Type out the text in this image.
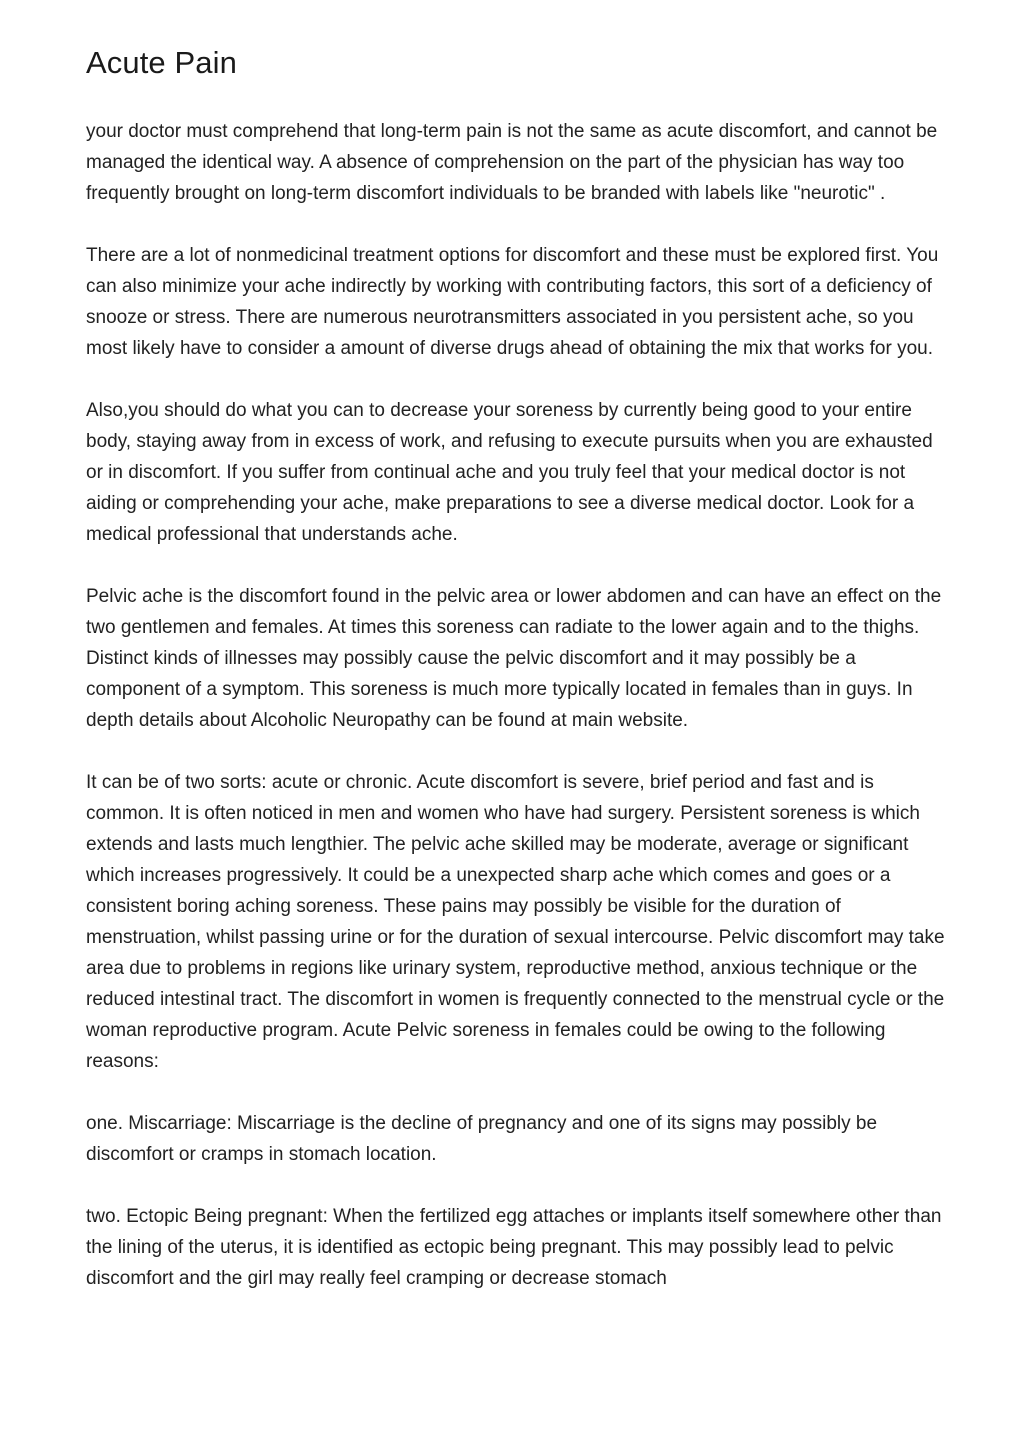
Acute Pain

your doctor must comprehend that long-term pain is not the same as acute discomfort, and cannot be managed the identical way. A absence of comprehension on the part of the physician has way too frequently brought on long-term discomfort individuals to be branded with labels like "neurotic" .

There are a lot of nonmedicinal treatment options for discomfort and these must be explored first. You can also minimize your ache indirectly by working with contributing factors, this sort of a deficiency of snooze or stress. There are numerous neurotransmitters associated in you persistent ache, so you most likely have to consider a amount of diverse drugs ahead of obtaining the mix that works for you.

Also,you should do what you can to decrease your soreness by currently being good to your entire body, staying away from in excess of work, and refusing to execute pursuits when you are exhausted or in discomfort. If you suffer from continual ache and you truly feel that your medical doctor is not aiding or comprehending your ache, make preparations to see a diverse medical doctor. Look for a medical professional that understands ache.

Pelvic ache is the discomfort found in the pelvic area or lower abdomen and can have an effect on the two gentlemen and females. At times this soreness can radiate to the lower again and to the thighs. Distinct kinds of illnesses may possibly cause the pelvic discomfort and it may possibly be a component of a symptom. This soreness is much more typically located in females than in guys. In depth details about Alcoholic Neuropathy can be found at main website.

It can be of two sorts: acute or chronic. Acute discomfort is severe, brief period and fast and is common. It is often noticed in men and women who have had surgery. Persistent soreness is which extends and lasts much lengthier. The pelvic ache skilled may be moderate, average or significant which increases progressively. It could be a unexpected sharp ache which comes and goes or a consistent boring aching soreness. These pains may possibly be visible for the duration of menstruation, whilst passing urine or for the duration of sexual intercourse. Pelvic discomfort may take area due to problems in regions like urinary system, reproductive method, anxious technique or the reduced intestinal tract. The discomfort in women is frequently connected to the menstrual cycle or the woman reproductive program. Acute Pelvic soreness in females could be owing to the following reasons:

one. Miscarriage: Miscarriage is the decline of pregnancy and one of its signs may possibly be discomfort or cramps in stomach location.

two. Ectopic Being pregnant: When the fertilized egg attaches or implants itself somewhere other than the lining of the uterus, it is identified as ectopic being pregnant. This may possibly lead to pelvic discomfort and the girl may really feel cramping or decrease stomach
